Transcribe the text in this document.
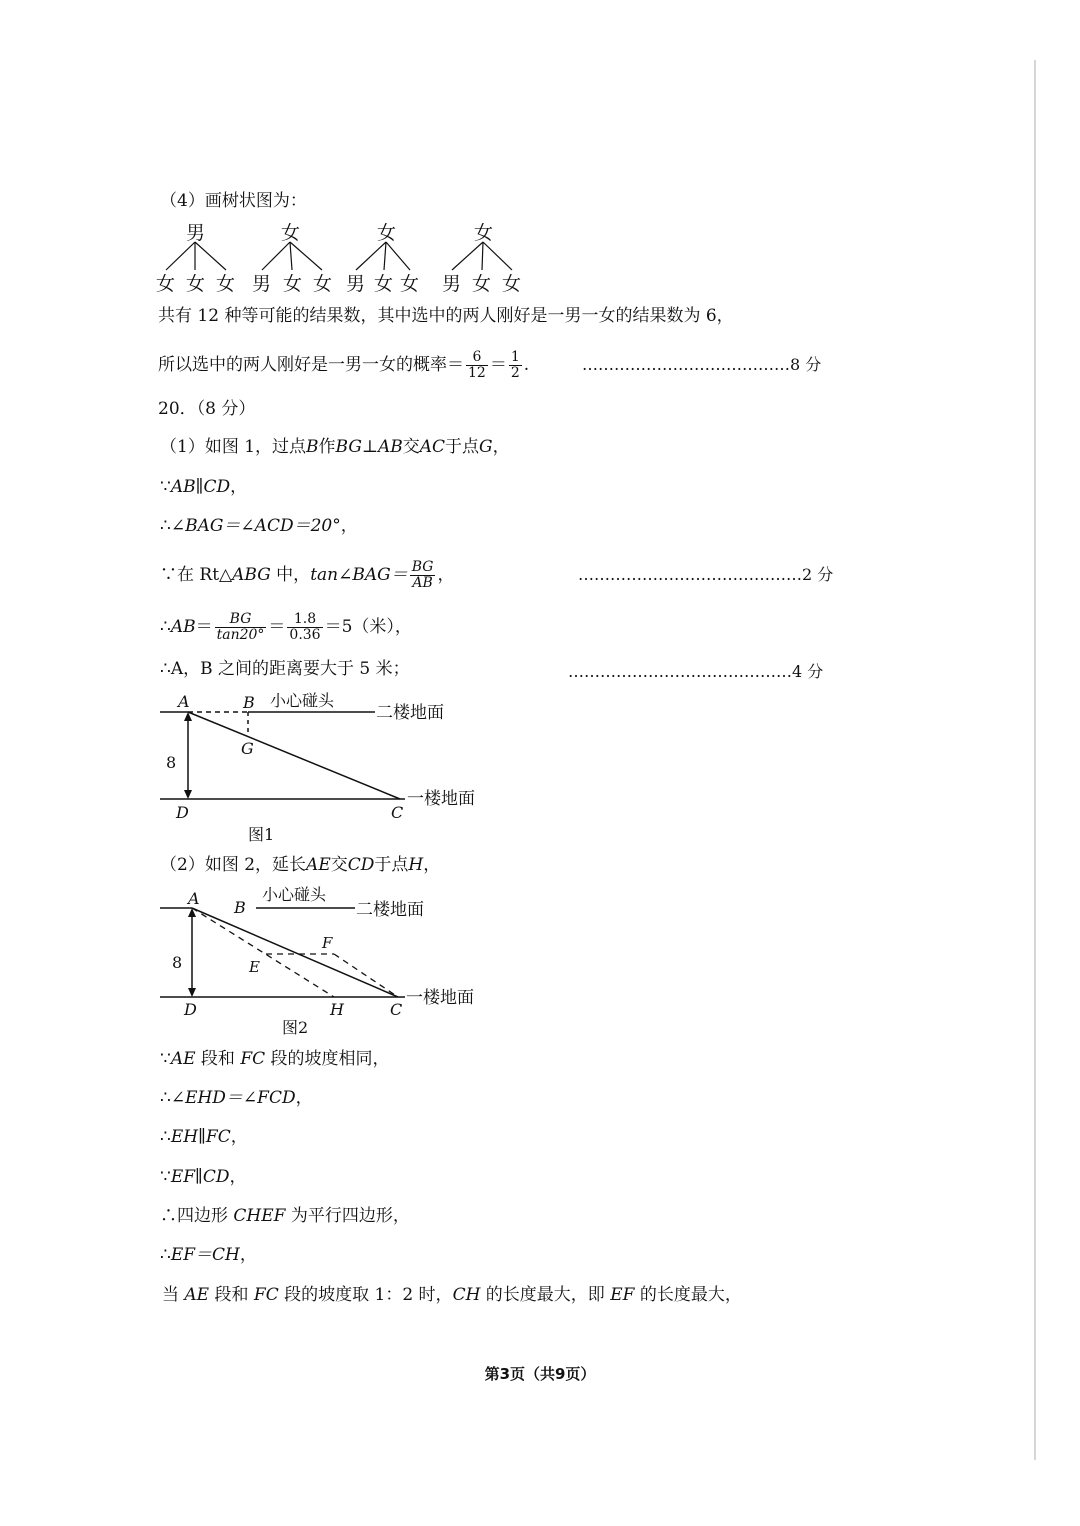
（4）画树状图为：
男	女	女	女
女 女 女 男 女 女 男 女 女 男 女 女
共有 12 种等可能的结果数，其中选中的两人刚好是一男一女的结果数为 6，
所以选中的两人刚好是一男一女的概率＝ $\frac{6}{12} = \frac{1}{2}$ .	…………………………………8 分
20．（8 分）
（1）如图 1，过点B作BG⊥AB交AC于点G，
∵AB∥CD，
∴∠BAG＝∠ACD＝20°，
∵在 Rt△ABG 中，tan∠BAG＝ $\frac{BG}{AB}$ ，	……………………………………2 分
∴AB＝ $\frac{BG}{\tan 20^\circ} = \frac{1.8}{0.36} =5$（米），
∴A，B 之间的距离要大于 5 米；	……………………………………4 分
A	B 小心碰头
二楼地面
G
8
D	C
一楼地面
图1
（2）如图 2，延长AE交CD于点H，
A B
小心碰头
二楼地面
F
E
8
D	H	C
一楼地面
图2
∵AE 段和 FC 段的坡度相同，
∴∠EHD＝∠FCD，
∴EH∥FC，
∵EF∥CD，
∴四边形 CHEF 为平行四边形，
∴EF＝CH，
当 AE 段和 FC 段的坡度取 1：2 时，CH 的长度最大，即 EF 的长度最大，
第3页（共9页）
